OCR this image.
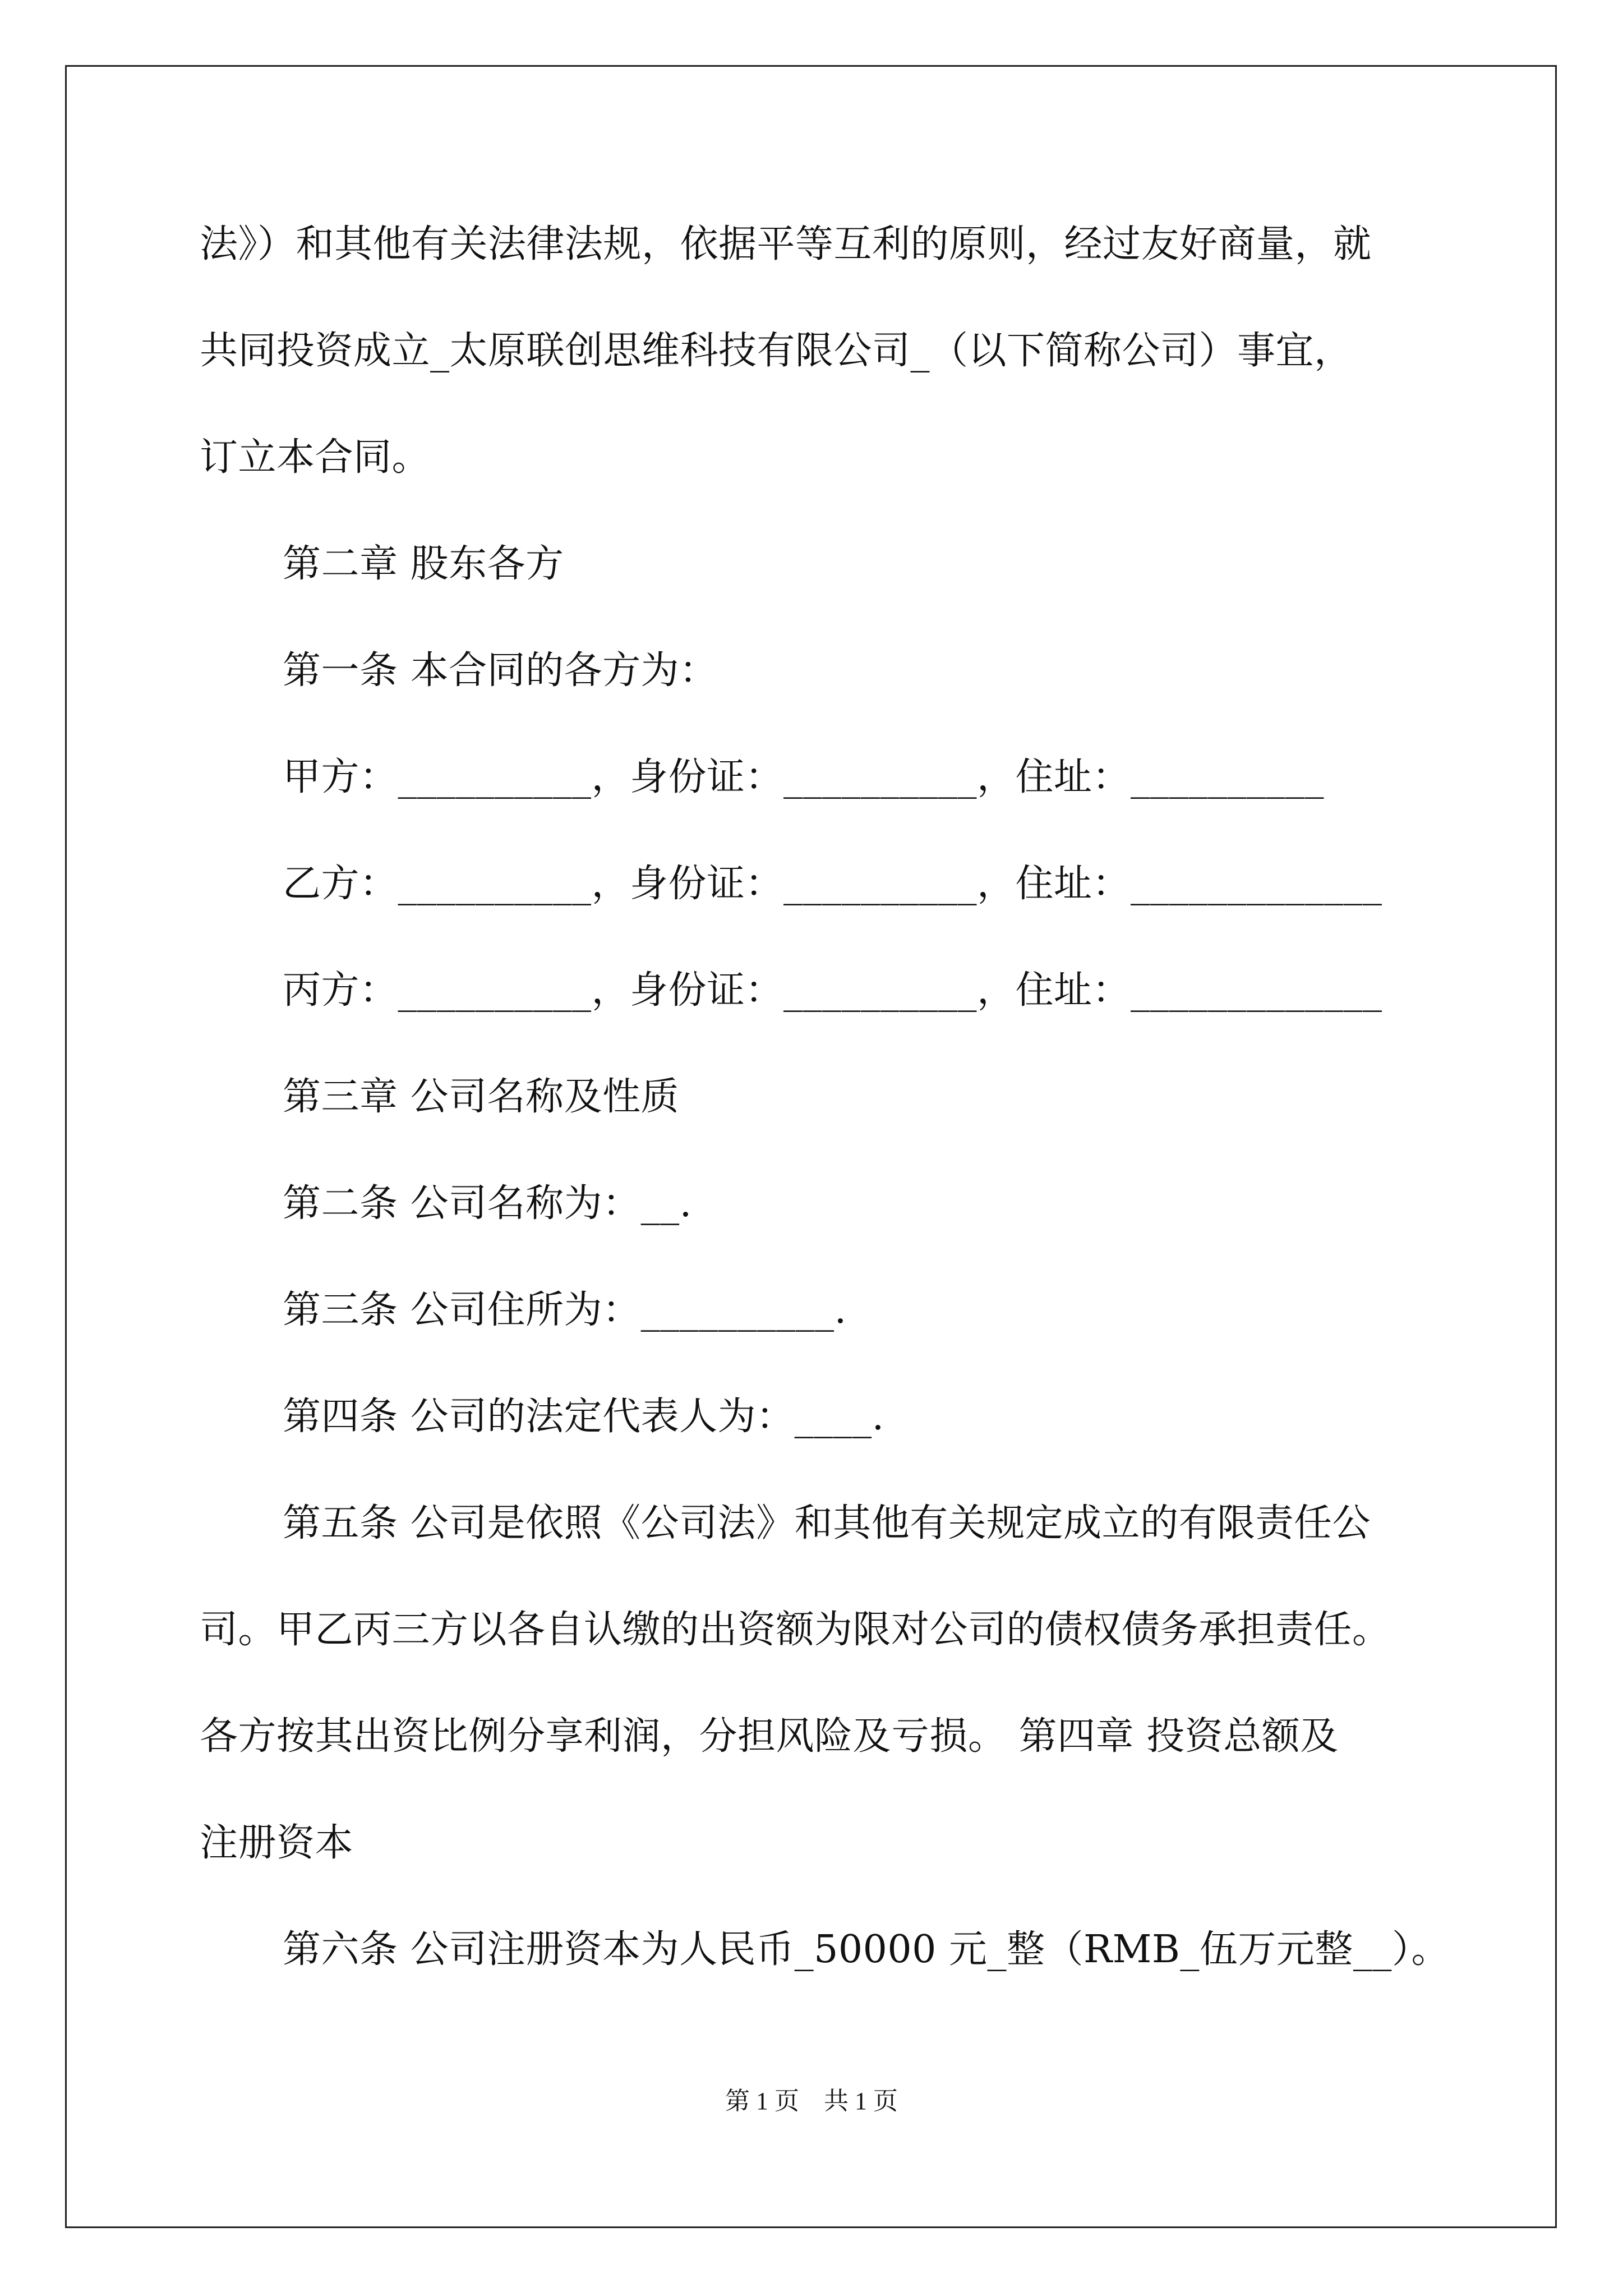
法》）和其他有关法律法规，依据平等互利的原则，经过友好商量，就
共同投资成立_太原联创思维科技有限公司_（以下简称公司）事宜，
订立本合同。
第二章 股东各方
第一条 本合同的各方为：
甲方：__________，身份证：__________，住址：__________
乙方：__________，身份证：__________，住址：_____________
丙方：__________，身份证：__________，住址：_____________
第三章 公司名称及性质
第二条 公司名称为：__.
第三条 公司住所为：__________.
第四条 公司的法定代表人为：____.
第五条 公司是依照《公司法》和其他有关规定成立的有限责任公
司。甲乙丙三方以各自认缴的出资额为限对公司的债权债务承担责任。
各方按其出资比例分享利润，分担风险及亏损。 第四章 投资总额及
注册资本
第六条 公司注册资本为人民币_50000 元_整（RMB_伍万元整__）。
第 1 页　共 1 页
